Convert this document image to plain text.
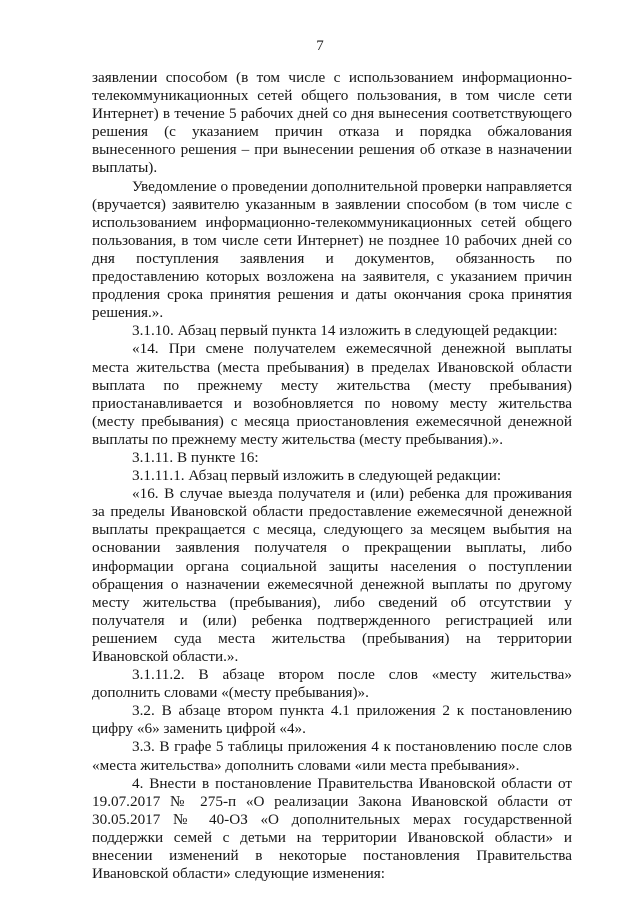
7

заявлении способом (в том числе с использованием информационно-телекоммуникационных сетей общего пользования, в том числе сети Интернет) в течение 5 рабочих дней со дня вынесения соответствующего решения (с указанием причин отказа и порядка обжалования вынесенного решения – при вынесении решения об отказе в назначении выплаты).

Уведомление о проведении дополнительной проверки направляется (вручается) заявителю указанным в заявлении способом (в том числе с использованием информационно-телекоммуникационных сетей общего пользования, в том числе сети Интернет) не позднее 10 рабочих дней со дня поступления заявления и документов, обязанность по предоставлению которых возложена на заявителя, с указанием причин продления срока принятия решения и даты окончания срока принятия решения.».

3.1.10. Абзац первый пункта 14 изложить в следующей редакции:

«14. При смене получателем ежемесячной денежной выплаты места жительства (места пребывания) в пределах Ивановской области выплата по прежнему месту жительства (месту пребывания) приостанавливается и возобновляется по новому месту жительства (месту пребывания) с месяца приостановления ежемесячной денежной выплаты по прежнему месту жительства (месту пребывания).».

3.1.11. В пункте 16:

3.1.11.1. Абзац первый изложить в следующей редакции:

«16. В случае выезда получателя и (или) ребенка для проживания за пределы Ивановской области предоставление ежемесячной денежной выплаты прекращается с месяца, следующего за месяцем выбытия на основании заявления получателя о прекращении выплаты, либо информации органа социальной защиты населения о поступлении обращения о назначении ежемесячной денежной выплаты по другому месту жительства (пребывания), либо сведений об отсутствии у получателя и (или) ребенка подтвержденного регистрацией или решением суда места жительства (пребывания) на территории Ивановской области.».

3.1.11.2. В абзаце втором после слов «месту жительства» дополнить словами «(месту пребывания)».

3.2. В абзаце втором пункта 4.1 приложения 2 к постановлению цифру «6» заменить цифрой «4».

3.3. В графе 5 таблицы приложения 4 к постановлению после слов «места жительства» дополнить словами «или места пребывания».

4. Внести в постановление Правительства Ивановской области от 19.07.2017 № 275-п «О реализации Закона Ивановской области от 30.05.2017 № 40-ОЗ «О дополнительных мерах государственной поддержки семей с детьми на территории Ивановской области» и внесении изменений в некоторые постановления Правительства Ивановской области» следующие изменения:
